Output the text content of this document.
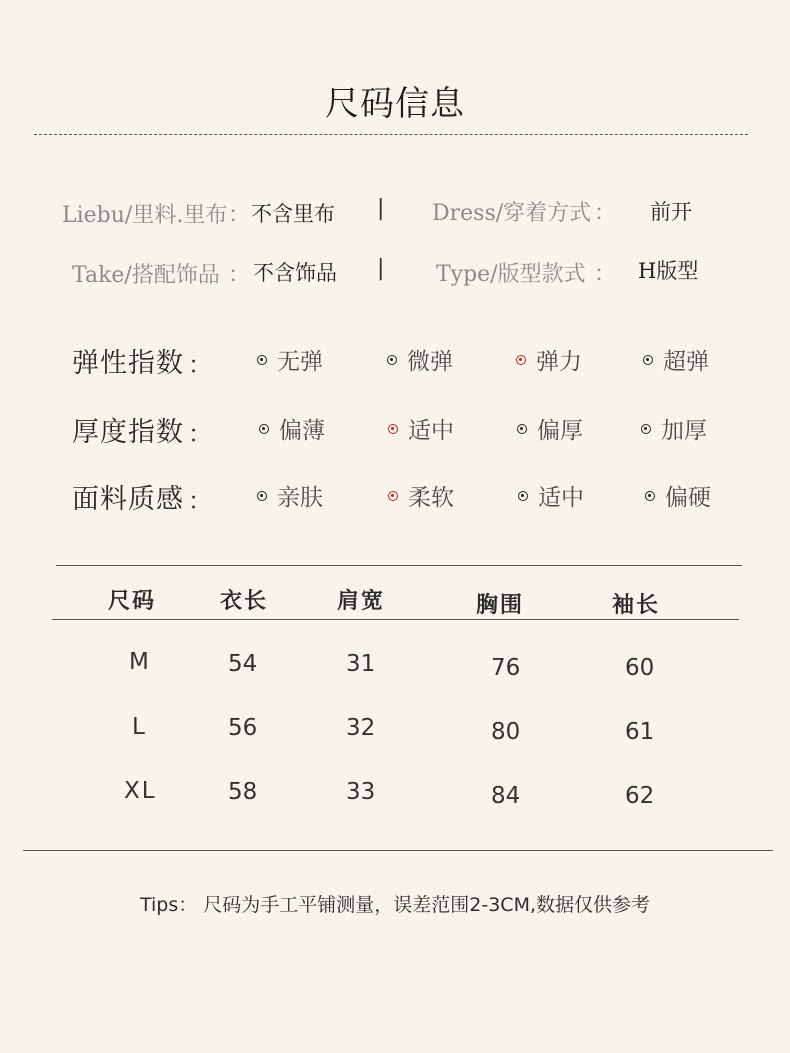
尺码信息
Liebu/里料.里布 ： 不含里布 | Dress/穿着方式 ： 前开
Take/搭配饰品 ： 不含饰品 | Type/版型款式 ： H版型
弹性指数 ：	无弹	微弹	弹力	超弹
厚度指数 ：	偏薄	适中	偏厚	加厚
面料质感 ：	亲肤	柔软	适中	偏硬
尺码	衣长	肩宽	胸围	袖长
M	54	31	76	60
L	56	32	80	61
XL	58	33	84	62
Tips： 尺码为手工平铺测量，误差范围2-3CM,数据仅供参考
